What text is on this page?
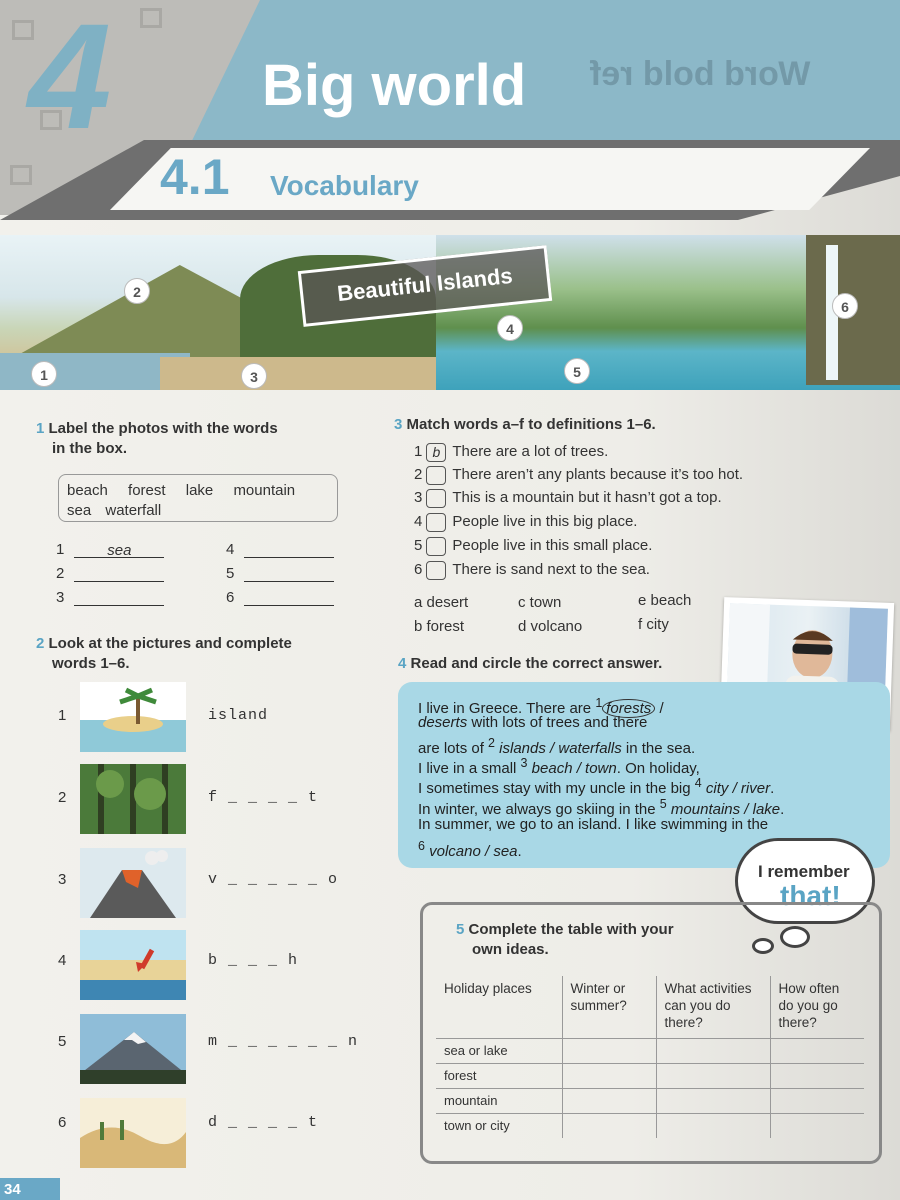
4	Word bold ref
Big world
4.1 Vocabulary
Beautiful Islands
1
2
3
4
5
6
1 Label the photos with the words
in the box.
beach forest lake mountain
sea waterfall
1	sea
2
3
4
5
6
2 Look at the pictures and complete
words 1–6.
1	island
2	f _ _ _ _ t
3	v _ _ _ _ _ o
4	b _ _ _ h
5	m _ _ _ _ _ _ n
6	d _ _ _ _ t
3 Match words a–f to definitions 1–6.
1 b There are a lot of trees.
2 There aren’t any plants because it’s too hot.
3 This is a mountain but it hasn’t got a top.
4 People live in this big place.
5 People live in this small place.
6 There is sand next to the sea.
a desert	c town	e beach
b forest	d volcano	f city
4 Read and circle the correct answer.
I live in Greece. There are $^1$ forests /
deserts with lots of trees and there
are lots of $^2$ islands / waterfalls in the sea.
I live in a small $^3$ beach / town. On holiday,
I sometimes stay with my uncle in the big $^4$ city / river.
In winter, we always go skiing in the $^5$ mountains / lake.
In summer, we go to an island. I like swimming in the
$^6$ volcano / sea.
I remember
that!
5 Complete the table with your
own ideas.
Holiday places	Winter or summer?	What activities can you do there?	How often do you go there?
sea or lake			
forest			
mountain			
town or city			
34
